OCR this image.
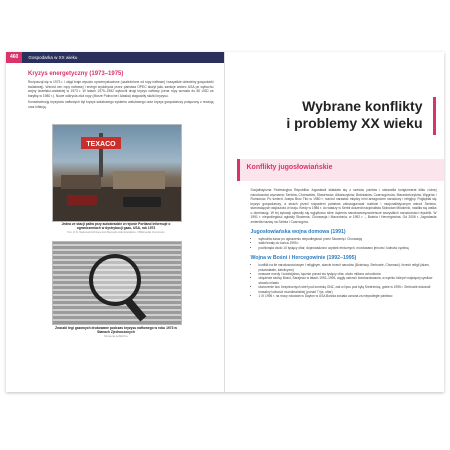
460	Gospodarka w XX wieku
Kryzys energetyczny (1973–1975)
Rozpoczął się w 1973 r. i objął kraje wysoko uprzemysłowione (uzależnione od ropy naftowej i wszystkie dziedziny gospodarki światowej). Wzrost cen ropy naftowej i energii wydobycia przez państwa OPEC służył jako sankcje wobec USA po wybuchu wojny izraelsko-arabskiej w 1973 r. W latach 1979–1982 wybuchł drugi kryzys naftowy (cena ropy wzrosła do 80 USD za baryłkę w 1980 r.). Nowe odkrycia złóż ropy (Morze Północne i Alaska) złagodziły skutki kryzysu.
Konsekwencją kryzysów naftowych był kryzys światowego systemu walutowego oraz kryzys gospodarczy połączony z recesją oraz inflacją.
TEXACO
Jedna ze stacji paliw przy autostradzie w rejonie Portland informuje o ograniczeniach w dystrybucji gazu, USA, rok 1973
Fot. U.S. National Archives and Records Administration / Wikimedia Commons
Znaczki tegi gazowych drukowane podczas kryzysu naftowego w roku 1973 w Stanach Zjednoczonych
Domena publiczna
Wybrane konflikty
i problemy XX wieku
Konflikty jugosłowiańskie
Socjalistyczna Federacyjna Republika Jugosławii składała się z sześciu państw i stanowiła konglomerat kilku różnej narodowości wyznania: Serbów, Chorwatów, Słoweńców, Albańczyków, Bośniaków, Czarnogórców, Macedończyków, Węgrów i Rumunów. Po śmierci Josipa Broz Tito w 1980 r. rozrósł narastać między nimi antagonizm narodowy i religijny. Pogłębiał się kryzys gospodarczy, a strach przed rozpadem państwa zainaugurował rozbicie i nacjonalistycznym wśród Serbów, stanowiących większość w kraju. Kiedy w 1986 r. do władzy w Serbii doszedł nacjonalista Slobodan Milošević, nasiliła się walka o dominację. W tej sytuacji ujawniły się wyjątkowo silne dążenia narodowowyzwoleńcze wszystkich narodowości republik. W 1991 r. niepodległość ogłosiły Słowenia, Chorwacja i Macedonia, w 1992 r. – Bośnia i Hercegowina. Od 2006 r. Jugosławia zmieniła nazwę na Serbia i Czarnogóra.
Jugosłowiańska wojna domowa (1991)
• wybuchła zaraz po ogłoszeniu niepodległości przez Słowenię i Chorwację
• walki trwały do końca 1995 r.
• pochłonęła około 10 tysięcy ofiar, doprowadzono czystek etnicznych, mordowano jeńców i ludność cywilną
Wojna w Bośni i Hercegowinie (1992–1995)
• konflikt na tle narodowościowym i religijnym, starcie trzech narodów (Bośniacy, Serbowie, Chorwaci) i trzech religii (islam, prawosławie, katolicyzm)
• masowe mordy i ludobójstwo, łącznie ponad sto tysięcy ofiar, około miliona uchodźców
• oblężenie stolicy Bośni, Sarajewo w latach 1992–1995, ciągły ostrzał i bombardowania, w wyniku których najwięcej cywilów straciło miasto
• utworzenie tzw. bezpiecznych stref pod kontrolą ONZ, zaś w lipcu pod byłą Srebrenicą, gdzie w 1995 r. Serbowie dokonali masakry ludności muzułmańskiej (ponad 7 tys. ofiar)
• 1 XI 1995 r. na mocy rokowań w Dayton w USA Bośnia została uznana za niepodległe państwo
